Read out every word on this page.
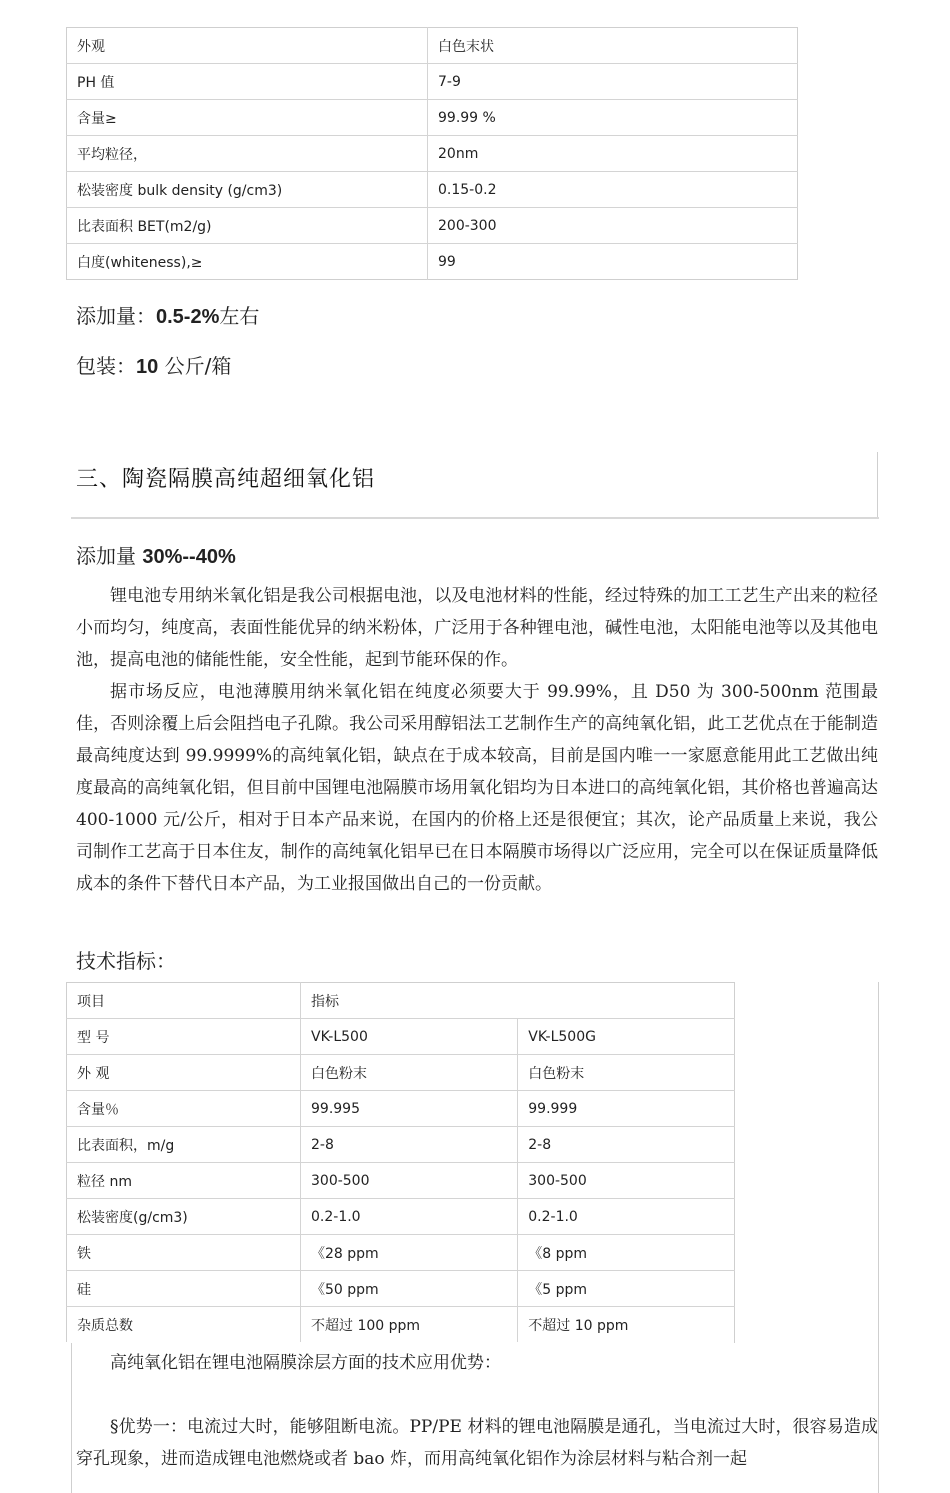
外观	白色末状
PH 值	7-9
含量≥	99.99 %
平均粒径，	20nm
松装密度 bulk density (g/cm3)	0.15-0.2
比表面积 BET(m2/g)	200-300
白度(whiteness),≥	99
添加量：0.5-2%左右
包装：10 公斤/箱
三、陶瓷隔膜高纯超细氧化铝
添加量 30%--40%
锂电池专用纳米氧化铝是我公司根据电池，以及电池材料的性能，经过特殊的加工工艺生产出来的粒径小而均匀，纯度高，表面性能优异的纳米粉体，广泛用于各种锂电池，碱性电池，太阳能电池等以及其他电池，提高电池的储能性能，安全性能，起到节能环保的作。
据市场反应，电池薄膜用纳米氧化铝在纯度必须要大于 99.99%，且 D50 为 300-500nm 范围最佳，否则涂覆上后会阻挡电子孔隙。我公司采用醇铝法工艺制作生产的高纯氧化铝，此工艺优点在于能制造最高纯度达到 99.9999%的高纯氧化铝，缺点在于成本较高，目前是国内唯一一家愿意能用此工艺做出纯度最高的高纯氧化铝，但目前中国锂电池隔膜市场用氧化铝均为日本进口的高纯氧化铝，其价格也普遍高达 400-1000 元/公斤，相对于日本产品来说，在国内的价格上还是很便宜；其次，论产品质量上来说，我公司制作工艺高于日本住友，制作的高纯氧化铝早已在日本隔膜市场得以广泛应用，完全可以在保证质量降低成本的条件下替代日本产品，为工业报国做出自己的一份贡献。
技术指标：
项目	指标	
型 号	VK-L500	VK-L500G
外 观	白色粉末	白色粉末
含量％	99.995	99.999
比表面积，m/g	2-8	2-8
粒径 nm	300-500	300-500
松装密度(g/cm3)	0.2-1.0	0.2-1.0
铁	《28 ppm	《8 ppm
硅	《50 ppm	《5 ppm
杂质总数	不超过 100 ppm	不超过 10 ppm
高纯氧化铝在锂电池隔膜涂层方面的技术应用优势：
§优势一：电流过大时，能够阻断电流。PP/PE 材料的锂电池隔膜是通孔，当电流过大时，很容易造成穿孔现象，进而造成锂电池燃烧或者 bao 炸，而用高纯氧化铝作为涂层材料与粘合剂一起
